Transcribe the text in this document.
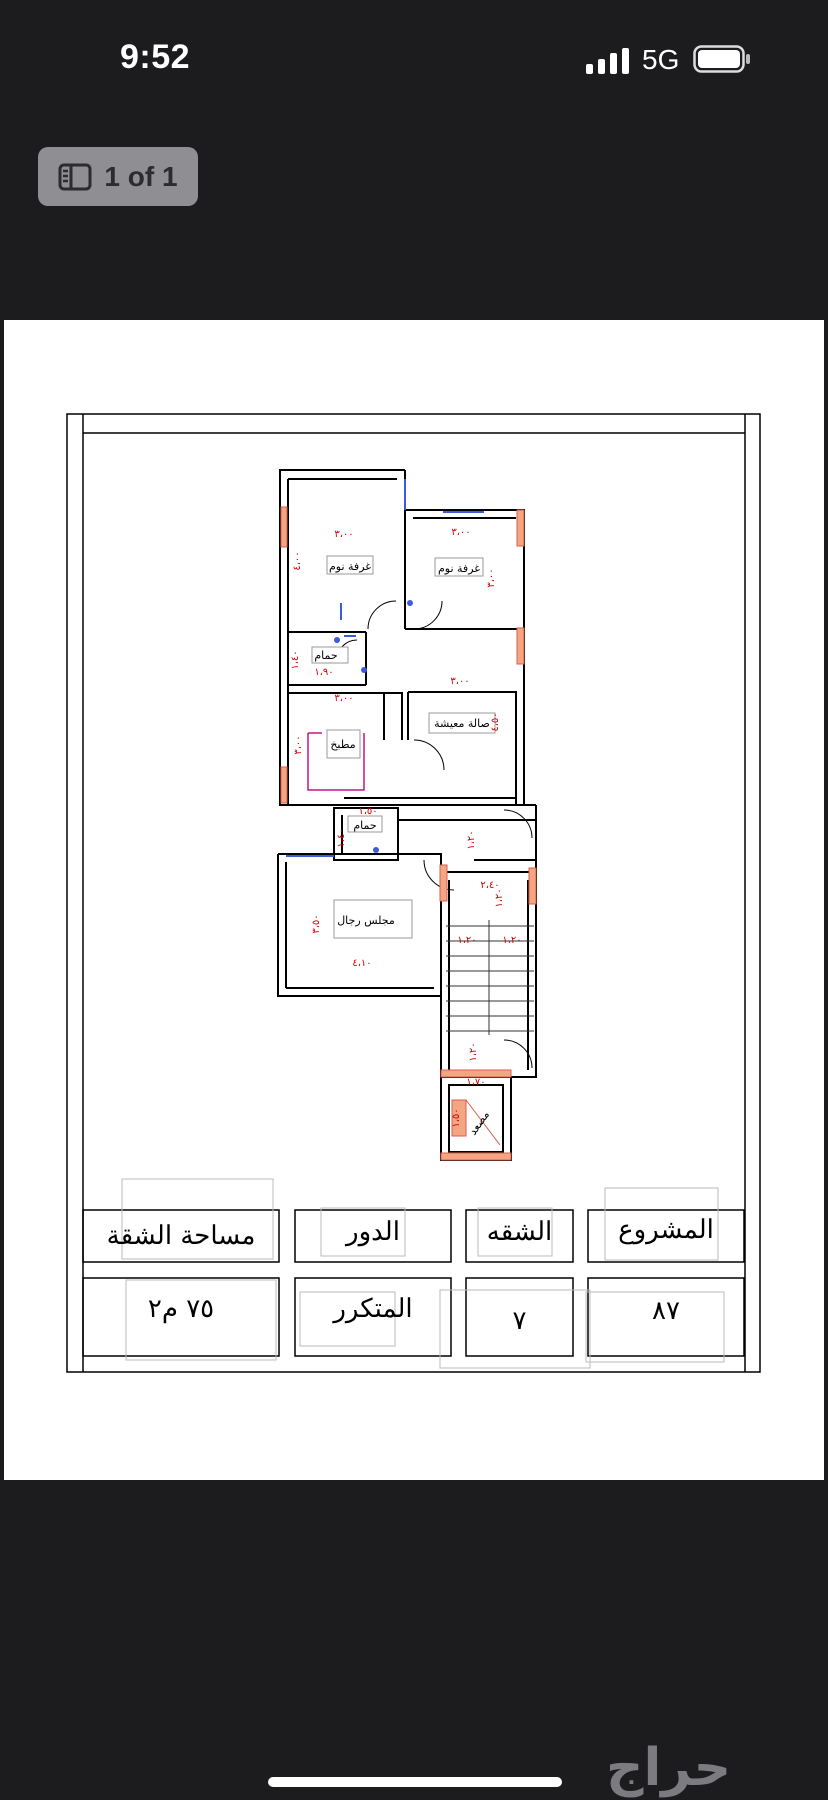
9:52	5G
1 of 1
غرفة نوم	غرفة نوم
حمام
مطبخ
صالة معيشة
حمام
مجلس رجال
مصعد
٣،٠٠
٤،٠٠
٣،٠٠
٣،٠٠
١،٩٠
١،٤٠
٣،٠٠
٣،٠٠
٣،٠٠
٤،٥٠
١،٢٠
١،٥٠
١،٤٠
٤،١٠
٣،٥٠
٢،٤٠
١،٢٠
١،٢٠	١،٢٠
١،٢٠
١،٧٠
١،٥٠
مساحة الشقة	الدور	الشقه	المشروع
٧٥ م٢	المتكرر	٧	٨٧
حراج
